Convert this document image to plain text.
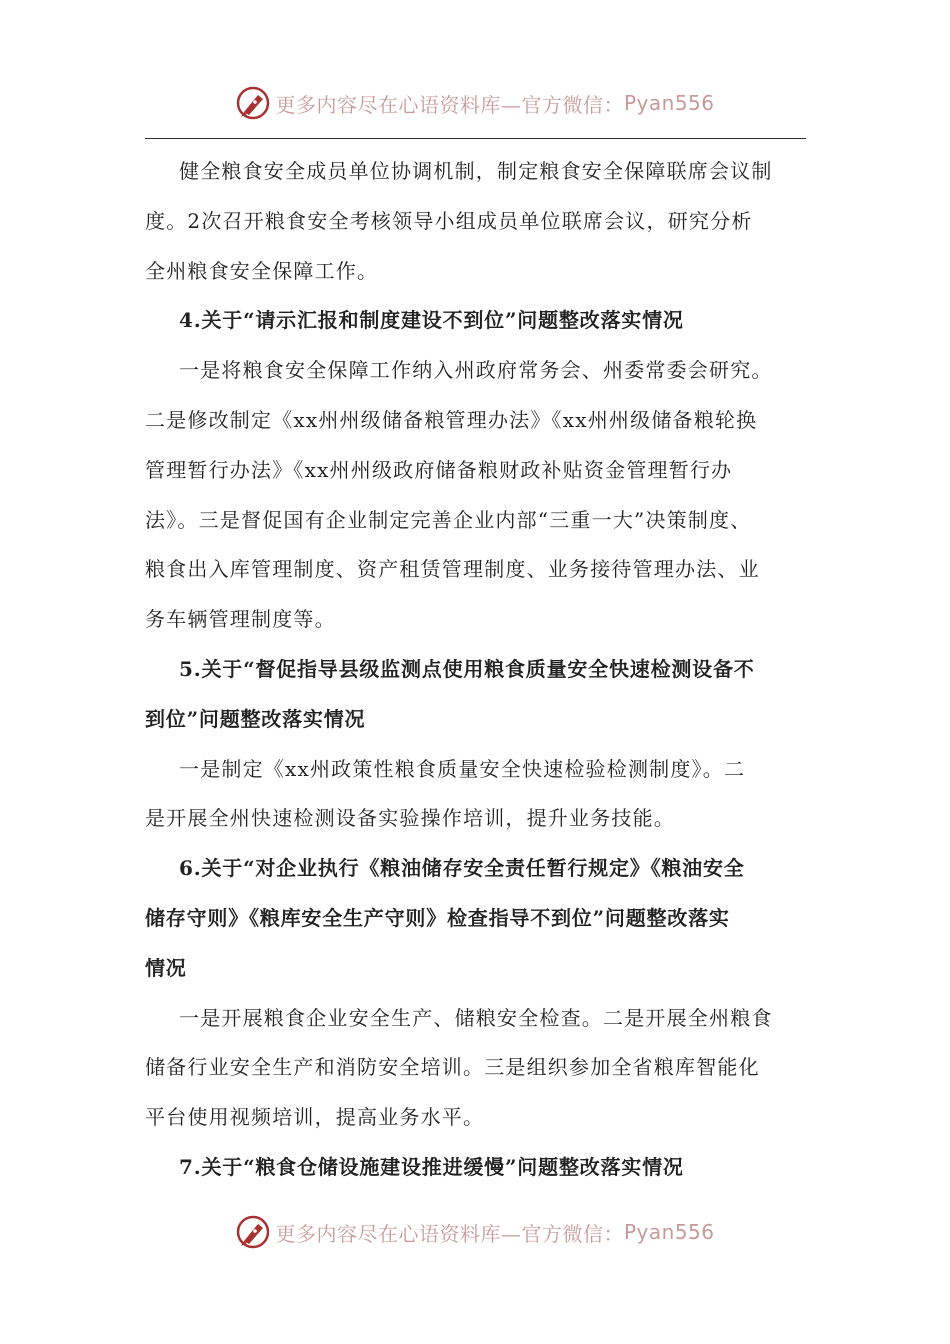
更多内容尽在心语资料库—官方微信： Pyan556
健全粮食安全成员单位协调机制，制定粮食安全保障联席会议制
度。2次召开粮食安全考核领导小组成员单位联席会议，研究分析
全州粮食安全保障工作。
4.关于“请示汇报和制度建设不到位”问题整改落实情况
一是将粮食安全保障工作纳入州政府常务会、州委常委会研究。
二是修改制定《xx州州级储备粮管理办法》《xx州州级储备粮轮换
管理暂行办法》《xx州州级政府储备粮财政补贴资金管理暂行办
法》。三是督促国有企业制定完善企业内部“三重一大”决策制度、
粮食出入库管理制度、资产租赁管理制度、业务接待管理办法、业
务车辆管理制度等。
5.关于“督促指导县级监测点使用粮食质量安全快速检测设备不
到位”问题整改落实情况
一是制定《xx州政策性粮食质量安全快速检验检测制度》。二
是开展全州快速检测设备实验操作培训，提升业务技能。
6.关于“对企业执行《粮油储存安全责任暂行规定》《粮油安全
储存守则》《粮库安全生产守则》检查指导不到位”问题整改落实
情况
一是开展粮食企业安全生产、储粮安全检查。二是开展全州粮食
储备行业安全生产和消防安全培训。三是组织参加全省粮库智能化
平台使用视频培训，提高业务水平。
7.关于“粮食仓储设施建设推进缓慢”问题整改落实情况
更多内容尽在心语资料库—官方微信： Pyan556
